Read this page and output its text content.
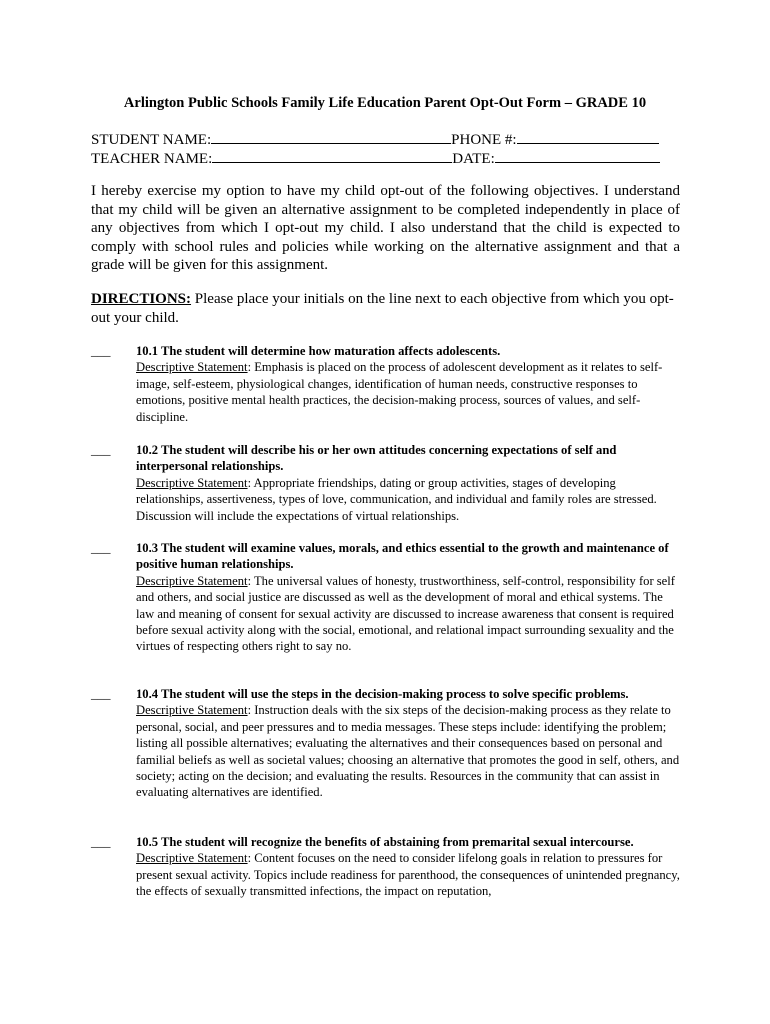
Arlington Public Schools Family Life Education Parent Opt-Out Form – GRADE 10
STUDENT NAME:	PHONE #:
TEACHER NAME:	DATE:
I hereby exercise my option to have my child opt-out of the following objectives. I understand that my child will be given an alternative assignment to be completed independently in place of any objectives from which I opt-out my child. I also understand that the child is expected to comply with school rules and policies while working on the alternative assignment and that a grade will be given for this assignment.
DIRECTIONS: Please place your initials on the line next to each objective from which you opt-out your child.
___ 10.1 The student will determine how maturation affects adolescents.
Descriptive Statement: Emphasis is placed on the process of adolescent development as it relates to self-image, self-esteem, physiological changes, identification of human needs, constructive responses to emotions, positive mental health practices, the decision-making process, sources of values, and self-discipline.
___ 10.2 The student will describe his or her own attitudes concerning expectations of self and interpersonal relationships.
Descriptive Statement: Appropriate friendships, dating or group activities, stages of developing relationships, assertiveness, types of love, communication, and individual and family roles are stressed. Discussion will include the expectations of virtual relationships.
___ 10.3 The student will examine values, morals, and ethics essential to the growth and maintenance of positive human relationships.
Descriptive Statement: The universal values of honesty, trustworthiness, self-control, responsibility for self and others, and social justice are discussed as well as the development of moral and ethical systems. The law and meaning of consent for sexual activity are discussed to increase awareness that consent is required before sexual activity along with the social, emotional, and relational impact surrounding sexuality and the virtues of respecting others right to say no.
___ 10.4 The student will use the steps in the decision-making process to solve specific problems.
Descriptive Statement: Instruction deals with the six steps of the decision-making process as they relate to personal, social, and peer pressures and to media messages. These steps include: identifying the problem; listing all possible alternatives; evaluating the alternatives and their consequences based on personal and familial beliefs as well as societal values; choosing an alternative that promotes the good in self, others, and society; acting on the decision; and evaluating the results. Resources in the community that can assist in evaluating alternatives are identified.
___ 10.5 The student will recognize the benefits of abstaining from premarital sexual intercourse.
Descriptive Statement: Content focuses on the need to consider lifelong goals in relation to pressures for present sexual activity. Topics include readiness for parenthood, the consequences of unintended pregnancy, the effects of sexually transmitted infections, the impact on reputation,
